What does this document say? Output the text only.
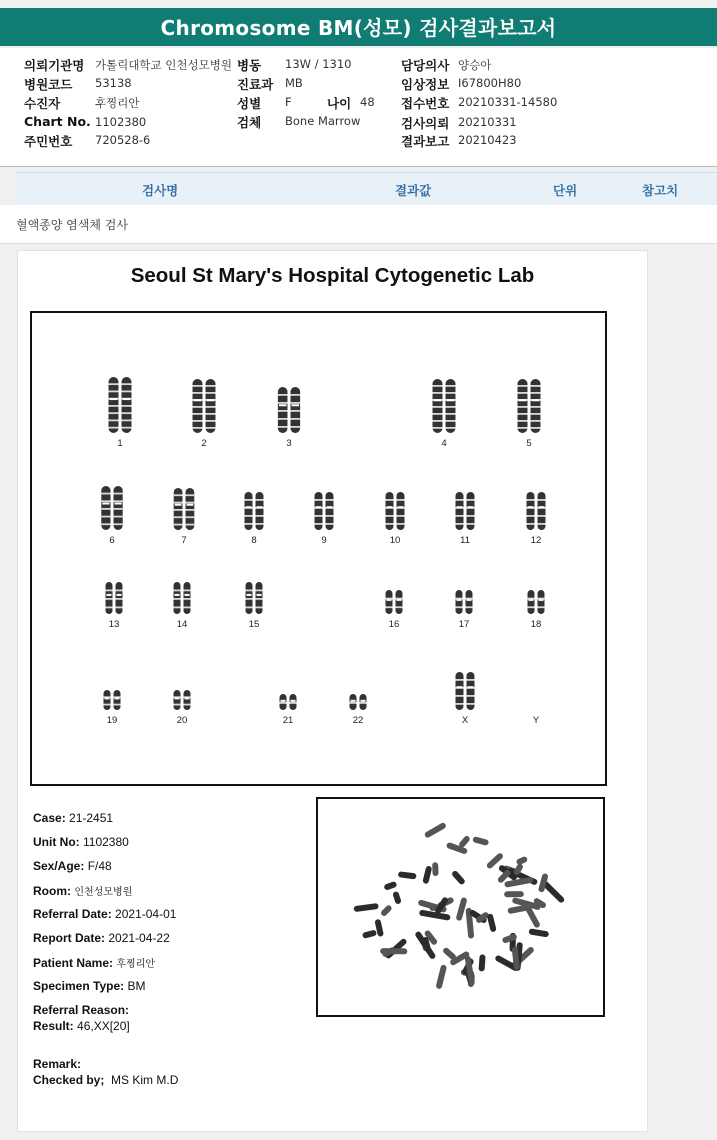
Chromosome BM(성모) 검사결과보고서
의뢰기관명 가톨릭대학교 인천성모병원 병동 13W / 1310	담당의사 양승아
병원코드 53138	진료과 MB	임상정보 I67800H80
수진자	후찡리안	성별 F	나이 48 접수번호 20210331-14580
Chart No. 1102380	검체 Bone Marrow	검사의뢰 20210331
주민번호 720528-6	결과보고 20210423
검사명	결과값	단위	참고치
혈액종양 염색체 검사
Seoul St Mary's Hospital Cytogenetic Lab
1	2	3	4	5
6	7	8	9	10	11	12
13	14	15	16	17	18
19	20	21	22	X	Y
Case: 21-2451
Unit No: 1102380
Sex/Age: F/48
Room: 인천성모병원
Referral Date: 2021-04-01
Report Date: 2021-04-22
Patient Name: 후찡리안
Specimen Type: BM
Referral Reason:
Result: 46,XX[20]
Remark:
Checked by; MS Kim M.D
